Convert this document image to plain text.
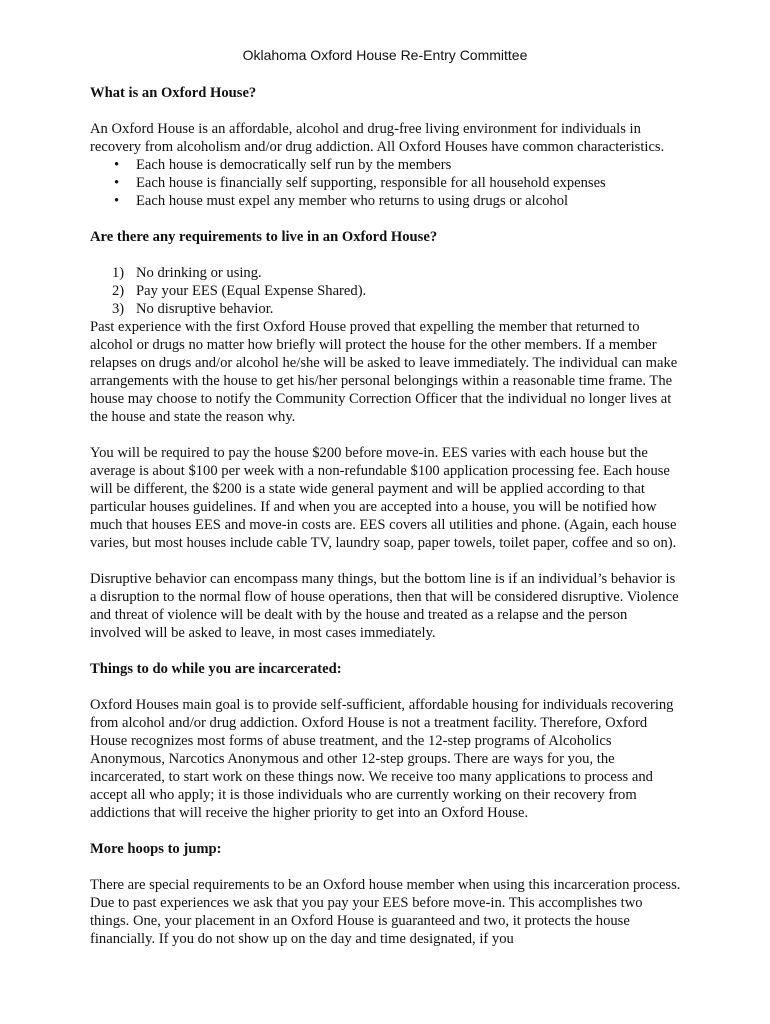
Oklahoma Oxford House Re-Entry Committee
What is an Oxford House?

An Oxford House is an affordable, alcohol and drug-free living environment for individuals in recovery from alcoholism and/or drug addiction. All Oxford Houses have common characteristics.

• Each house is democratically self run by the members
• Each house is financially self supporting, responsible for all household expenses
• Each house must expel any member who returns to using drugs or alcohol
Are there any requirements to live in an Oxford House?
1) No drinking or using.
2) Pay your EES (Equal Expense Shared).
3) No disruptive behavior.

Past experience with the first Oxford House proved that expelling the member that returned to alcohol or drugs no matter how briefly will protect the house for the other members. If a member relapses on drugs and/or alcohol he/she will be asked to leave immediately. The individual can make arrangements with the house to get his/her personal belongings within a reasonable time frame. The house may choose to notify the Community Correction Officer that the individual no longer lives at the house and state the reason why.

You will be required to pay the house $200 before move-in. EES varies with each house but the average is about $100 per week with a non-refundable $100 application processing fee. Each house will be different, the $200 is a state wide general payment and will be applied according to that particular houses guidelines. If and when you are accepted into a house, you will be notified how much that houses EES and move-in costs are. EES covers all utilities and phone. (Again, each house varies, but most houses include cable TV, laundry soap, paper towels, toilet paper, coffee and so on).

Disruptive behavior can encompass many things, but the bottom line is if an individual’s behavior is a disruption to the normal flow of house operations, then that will be considered disruptive. Violence and threat of violence will be dealt with by the house and treated as a relapse and the person involved will be asked to leave, in most cases immediately.

Things to do while you are incarcerated:

Oxford Houses main goal is to provide self-sufficient, affordable housing for individuals recovering from alcohol and/or drug addiction. Oxford House is not a treatment facility. Therefore, Oxford House recognizes most forms of abuse treatment, and the 12-step programs of Alcoholics Anonymous, Narcotics Anonymous and other 12-step groups. There are ways for you, the incarcerated, to start work on these things now. We receive too many applications to process and accept all who apply; it is those individuals who are currently working on their recovery from addictions that will receive the higher priority to get into an Oxford House.

More hoops to jump:

There are special requirements to be an Oxford house member when using this incarceration process. Due to past experiences we ask that you pay your EES before move-in. This accomplishes two things. One, your placement in an Oxford House is guaranteed and two, it protects the house financially. If you do not show up on the day and time designated, if you
